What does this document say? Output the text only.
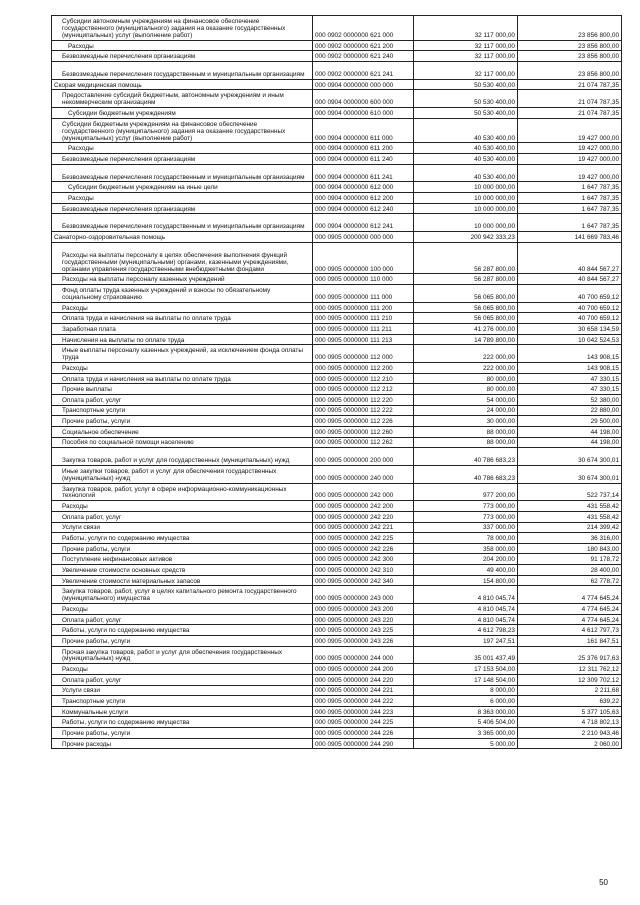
Субсидии автономным учреждениям на финансовое обеспечение государственного (муниципального) задания на оказание государственных (муниципальных) услуг (выполнение работ)	000 0902 0000000 621 000	32 117 000,00	23 856 800,00

Расходы	000 0902 0000000 621 200	32 117 000,00	23 856 800,00

Безвозмездные перечисления организациям	000 0902 0000000 621 240	32 117 000,00	23 856 800,00

Безвозмездные перечисления государственным и муниципальным организациям	000 0902 0000000 621 241	32 117 000,00	23 856 800,00

Скорая медицинская помощь	000 0904 0000000 000 000	50 530 400,00	21 074 787,35

Предоставление субсидий бюджетным, автономным учреждениям и иным некоммерческим организациям	000 0904 0000000 600 000	50 530 400,00	21 074 787,35

Субсидии бюджетным учреждениям	000 0904 0000000 610 000	50 530 400,00	21 074 787,35

Субсидии бюджетным учреждениям на финансовое обеспечение государственного (муниципального) задания на оказание государственных (муниципальных) услуг (выполнение работ)	000 0904 0000000 611 000	40 530 400,00	19 427 000,00

Расходы	000 0904 0000000 611 200	40 530 400,00	19 427 000,00

Безвозмездные перечисления организациям	000 0904 0000000 611 240	40 530 400,00	19 427 000,00

Безвозмездные перечисления государственным и муниципальным организациям	000 0904 0000000 611 241	40 530 400,00	19 427 000,00

Субсидии бюджетным учреждениям на иные цели	000 0904 0000000 612 000	10 000 000,00	1 647 787,35

Расходы	000 0904 0000000 612 200	10 000 000,00	1 647 787,35

Безвозмездные перечисления организациям	000 0904 0000000 612 240	10 000 000,00	1 647 787,35

Безвозмездные перечисления государственным и муниципальным организациям	000 0904 0000000 612 241	10 000 000,00	1 647 787,35

Санаторно-оздоровительная помощь	000 0905 0000000 000 000	200 942 333,23	141 669 783,46

Расходы на выплаты персоналу в целях обеспечения выполнения функций государственными (муниципальными) органами, казенными учреждениями, органами управления государственными внебюджетными фондами	000 0905 0000000 100 000	56 287 800,00	40 844 567,27

Расходы на выплаты персоналу казенных учреждений	000 0905 0000000 110 000	56 287 800,00	40 844 567,27

Фонд оплаты труда казенных учреждений и взносы по обязательному социальному страхованию	000 0905 0000000 111 000	56 065 800,00	40 700 659,12

Расходы	000 0905 0000000 111 200	56 065 800,00	40 700 659,12

Оплата труда и начисления на выплаты по оплате труда	000 0905 0000000 111 210	56 065 800,00	40 700 659,12

Заработная плата	000 0905 0000000 111 211	41 276 000,00	30 658 134,59

Начисления на выплаты по оплате труда	000 0905 0000000 111 213	14 789 800,00	10 042 524,53

Иные выплаты персоналу казенных учреждений, за исключением фонда оплаты труда	000 0905 0000000 112 000	222 000,00	143 908,15

Расходы	000 0905 0000000 112 200	222 000,00	143 908,15

Оплата труда и начисления на выплаты по оплате труда	000 0905 0000000 112 210	80 000,00	47 330,15

Прочие выплаты	000 0905 0000000 112 212	80 000,00	47 330,15

Оплата работ, услуг	000 0905 0000000 112 220	54 000,00	52 380,00

Транспортные услуги	000 0905 0000000 112 222	24 000,00	22 880,00

Прочие работы, услуги	000 0905 0000000 112 226	30 000,00	29 500,00

Социальное обеспечение	000 0905 0000000 112 260	88 000,00	44 198,00

Пособия по социальной помощи населению	000 0905 0000000 112 262	88 000,00	44 198,00

Закупка товаров, работ и услуг для государственных (муниципальных) нужд	000 0905 0000000 200 000	40 786 683,23	30 674 300,01

Иные закупки товаров, работ и услуг для обеспечения государственных (муниципальных) нужд	000 0905 0000000 240 000	40 786 683,23	30 674 300,01

Закупка товаров, работ, услуг в сфере информационно-коммуникационных технологий	000 0905 0000000 242 000	977 200,00	522 737,14

Расходы	000 0905 0000000 242 200	773 000,00	431 558,42

Оплата работ, услуг	000 0905 0000000 242 220	773 000,00	431 558,42

Услуги связи	000 0905 0000000 242 221	337 000,00	214 399,42

Работы, услуги по содержанию имущества	000 0905 0000000 242 225	78 000,00	36 316,00

Прочие работы, услуги	000 0905 0000000 242 226	358 000,00	180 843,00

Поступление нефинансовых активов	000 0905 0000000 242 300	204 200,00	91 178,72

Увеличение стоимости основных средств	000 0905 0000000 242 310	49 400,00	28 400,00

Увеличение стоимости материальных запасов	000 0905 0000000 242 340	154 800,00	62 778,72

Закупка товаров, работ, услуг в целях капитального ремонта государственного (муниципального) имущества	000 0905 0000000 243 000	4 810 045,74	4 774 645,24

Расходы	000 0905 0000000 243 200	4 810 045,74	4 774 645,24

Оплата работ, услуг	000 0905 0000000 243 220	4 810 045,74	4 774 645,24

Работы, услуги по содержанию имущества	000 0905 0000000 243 225	4 612 798,23	4 612 797,73

Прочие работы, услуги	000 0905 0000000 243 226	197 247,51	161 847,51

Прочая закупка товаров, работ и услуг для обеспечения государственных (муниципальных) нужд	000 0905 0000000 244 000	35 001 437,49	25 376 917,63

Расходы	000 0905 0000000 244 200	17 153 504,00	12 311 762,12

Оплата работ, услуг	000 0905 0000000 244 220	17 148 504,00	12 309 702,12

Услуги связи	000 0905 0000000 244 221	8 000,00	2 211,68

Транспортные услуги	000 0905 0000000 244 222	6 000,00	639,22

Коммунальные услуги	000 0905 0000000 244 223	8 363 000,00	5 377 105,63

Работы, услуги по содержанию имущества	000 0905 0000000 244 225	5 406 504,00	4 718 802,13

Прочие работы, услуги	000 0905 0000000 244 226	3 365 000,00	2 210 943,46

Прочие расходы	000 0905 0000000 244 290	5 000,00	2 060,00
50
